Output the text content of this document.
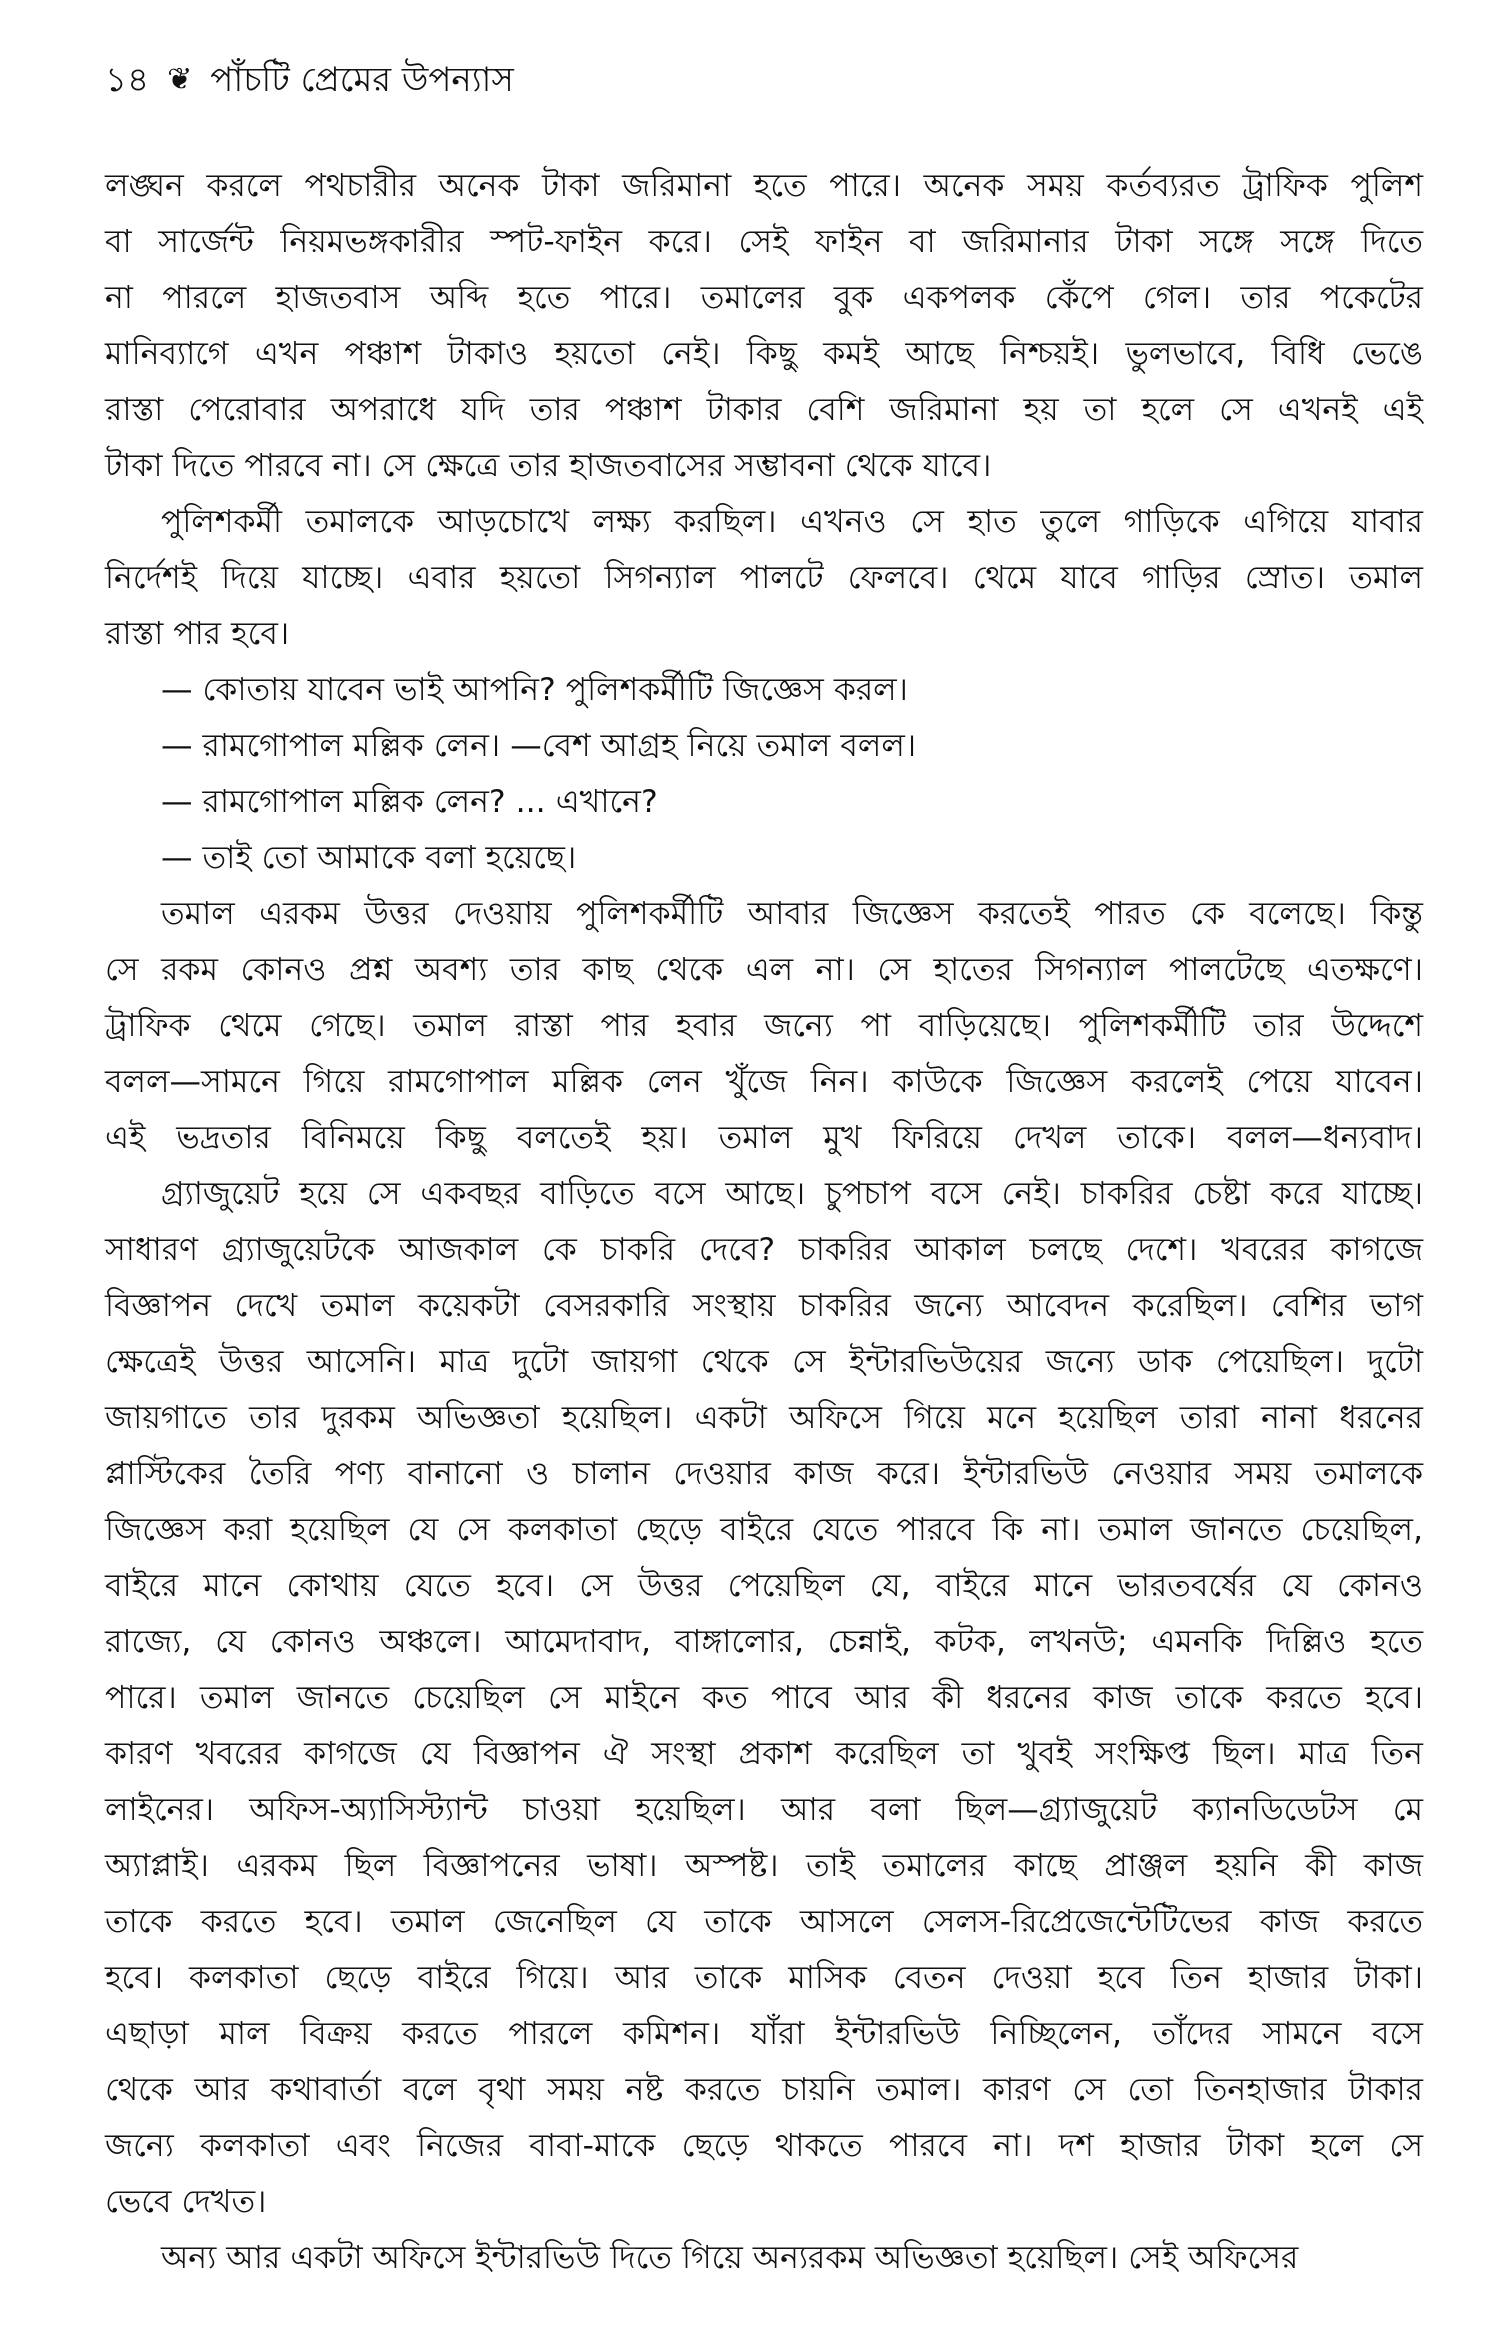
১৪ ❦ পাঁচটি প্রেমের উপন্যাস
লঙ্ঘন করলে পথচারীর অনেক টাকা জরিমানা হতে পারে। অনেক সময় কর্তব্যরত ট্রাফিক পুলিশ
বা সার্জেন্ট নিয়মভঙ্গকারীর স্পট-ফাইন করে। সেই ফাইন বা জরিমানার টাকা সঙ্গে সঙ্গে দিতে
না পারলে হাজতবাস অব্দি হতে পারে। তমালের বুক একপলক কেঁপে গেল। তার পকেটের
মানিব্যাগে এখন পঞ্চাশ টাকাও হয়তো নেই। কিছু কমই আছে নিশ্চয়ই। ভুলভাবে, বিধি ভেঙে
রাস্তা পেরোবার অপরাধে যদি তার পঞ্চাশ টাকার বেশি জরিমানা হয় তা হলে সে এখনই এই
টাকা দিতে পারবে না। সে ক্ষেত্রে তার হাজতবাসের সম্ভাবনা থেকে যাবে।
পুলিশকর্মী তমালকে আড়চোখে লক্ষ্য করছিল। এখনও সে হাত তুলে গাড়িকে এগিয়ে যাবার
নির্দেশই দিয়ে যাচ্ছে। এবার হয়তো সিগন্যাল পালটে ফেলবে। থেমে যাবে গাড়ির স্রোত। তমাল
রাস্তা পার হবে।
— কোতায় যাবেন ভাই আপনি? পুলিশকর্মীটি জিজ্ঞেস করল।
— রামগোপাল মল্লিক লেন। —বেশ আগ্রহ নিয়ে তমাল বলল।
— রামগোপাল মল্লিক লেন? ... এখানে?
— তাই তো আমাকে বলা হয়েছে।
তমাল এরকম উত্তর দেওয়ায় পুলিশকর্মীটি আবার জিজ্ঞেস করতেই পারত কে বলেছে। কিন্তু
সে রকম কোনও প্রশ্ন অবশ্য তার কাছ থেকে এল না। সে হাতের সিগন্যাল পালটেছে এতক্ষণে।
ট্রাফিক থেমে গেছে। তমাল রাস্তা পার হবার জন্যে পা বাড়িয়েছে। পুলিশকর্মীটি তার উদ্দেশে
বলল—সামনে গিয়ে রামগোপাল মল্লিক লেন খুঁজে নিন। কাউকে জিজ্ঞেস করলেই পেয়ে যাবেন।
এই ভদ্রতার বিনিময়ে কিছু বলতেই হয়। তমাল মুখ ফিরিয়ে দেখল তাকে। বলল—ধন্যবাদ।
গ্র্যাজুয়েট হয়ে সে একবছর বাড়িতে বসে আছে। চুপচাপ বসে নেই। চাকরির চেষ্টা করে যাচ্ছে।
সাধারণ গ্র্যাজুয়েটকে আজকাল কে চাকরি দেবে? চাকরির আকাল চলছে দেশে। খবরের কাগজে
বিজ্ঞাপন দেখে তমাল কয়েকটা বেসরকারি সংস্থায় চাকরির জন্যে আবেদন করেছিল। বেশির ভাগ
ক্ষেত্রেই উত্তর আসেনি। মাত্র দুটো জায়গা থেকে সে ইন্টারভিউয়ের জন্যে ডাক পেয়েছিল। দুটো
জায়গাতে তার দুরকম অভিজ্ঞতা হয়েছিল। একটা অফিসে গিয়ে মনে হয়েছিল তারা নানা ধরনের
প্লাস্টিকের তৈরি পণ্য বানানো ও চালান দেওয়ার কাজ করে। ইন্টারভিউ নেওয়ার সময় তমালকে
জিজ্ঞেস করা হয়েছিল যে সে কলকাতা ছেড়ে বাইরে যেতে পারবে কি না। তমাল জানতে চেয়েছিল,
বাইরে মানে কোথায় যেতে হবে। সে উত্তর পেয়েছিল যে, বাইরে মানে ভারতবর্ষের যে কোনও
রাজ্যে, যে কোনও অঞ্চলে। আমেদাবাদ, বাঙ্গালোর, চেন্নাই, কটক, লখনউ; এমনকি দিল্লিও হতে
পারে। তমাল জানতে চেয়েছিল সে মাইনে কত পাবে আর কী ধরনের কাজ তাকে করতে হবে।
কারণ খবরের কাগজে যে বিজ্ঞাপন ঐ সংস্থা প্রকাশ করেছিল তা খুবই সংক্ষিপ্ত ছিল। মাত্র তিন
লাইনের। অফিস-অ্যাসিস্ট্যান্ট চাওয়া হয়েছিল। আর বলা ছিল—গ্র্যাজুয়েট ক্যানডিডেটস মে
অ্যাপ্লাই। এরকম ছিল বিজ্ঞাপনের ভাষা। অস্পষ্ট। তাই তমালের কাছে প্রাঞ্জল হয়নি কী কাজ
তাকে করতে হবে। তমাল জেনেছিল যে তাকে আসলে সেলস-রিপ্রেজেন্টেটিভের কাজ করতে
হবে। কলকাতা ছেড়ে বাইরে গিয়ে। আর তাকে মাসিক বেতন দেওয়া হবে তিন হাজার টাকা।
এছাড়া মাল বিক্রয় করতে পারলে কমিশন। যাঁরা ইন্টারভিউ নিচ্ছিলেন, তাঁদের সামনে বসে
থেকে আর কথাবার্তা বলে বৃথা সময় নষ্ট করতে চায়নি তমাল। কারণ সে তো তিনহাজার টাকার
জন্যে কলকাতা এবং নিজের বাবা-মাকে ছেড়ে থাকতে পারবে না। দশ হাজার টাকা হলে সে
ভেবে দেখত।
অন্য আর একটা অফিসে ইন্টারভিউ দিতে গিয়ে অন্যরকম অভিজ্ঞতা হয়েছিল। সেই অফিসের
